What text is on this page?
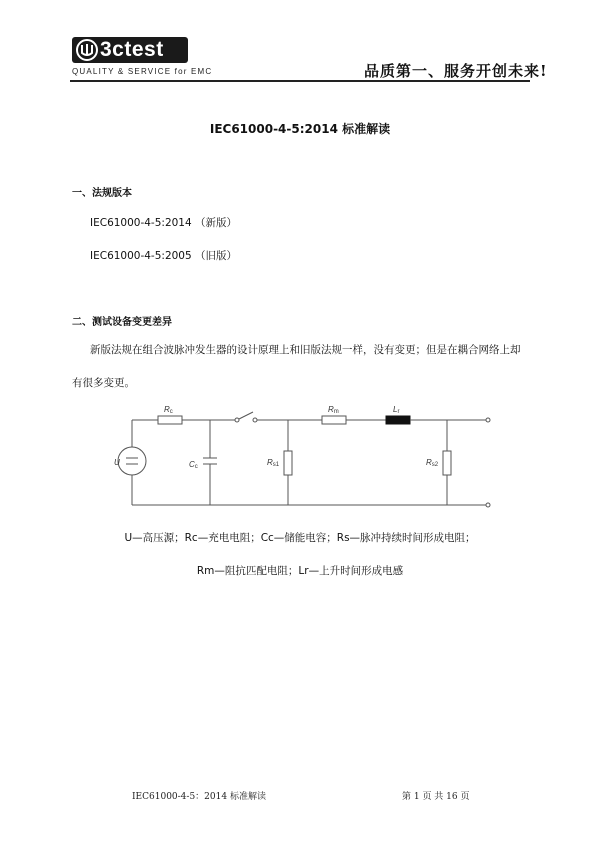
3ctest
QUALITY & SERVICE for EMC	品质第一、服务开创未来!
IEC61000-4-5:2014 标准解读
一、法规版本
IEC61000-4-5:2014 （新版）
IEC61000-4-5:2005 （旧版）
二、测试设备变更差异
新版法规在组合波脉冲发生器的设计原理上和旧版法规一样，没有变更；但是在耦合网络上却
有很多变更。
Rc
U	Cc	Rs1
Rm	Lr
Rs2
U—高压源；Rc—充电电阻；Cc—储能电容；Rs—脉冲持续时间形成电阻；
Rm—阻抗匹配电阻；Lr—上升时间形成电感
IEC61000-4-5：2014 标准解读	第 1 页 共 16 页
